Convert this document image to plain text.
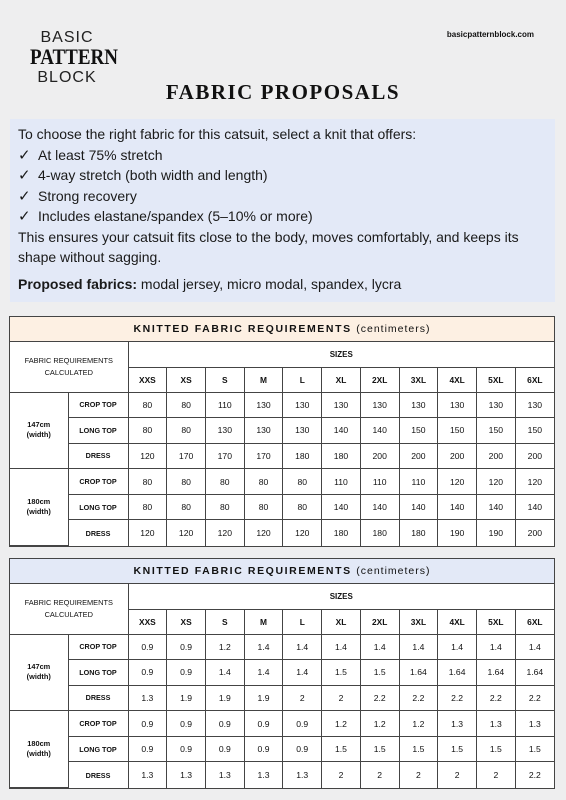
BASIC
PATTERN
BLOCK
basicpatternblock.com
FABRIC PROPOSALS
To choose the right fabric for this catsuit, select a knit that offers:
✓ At least 75% stretch
✓ 4-way stretch (both width and length)
✓ Strong recovery
✓ Includes elastane/spandex (5–10% or more)
This ensures your catsuit fits close to the body, moves comfortably, and keeps its shape without sagging.
Proposed fabrics: modal jersey, micro modal, spandex, lycra
KNITTED FABRIC REQUIREMENTS (centimeters)
FABRIC REQUIREMENTS CALCULATED		SIZES										
		XXS	XS	S	M	L	XL	2XL	3XL	4XL	5XL	6XL
147cm
(width)	CROP TOP	80	80	110	130	130	130	130	130	130	130	130
	LONG TOP	80	80	130	130	130	140	140	150	150	150	150
	DRESS	120	170	170	170	180	180	200	200	200	200	200
180cm
(width)	CROP TOP	80	80	80	80	80	110	110	110	120	120	120
	LONG TOP	80	80	80	80	80	140	140	140	140	140	140
	DRESS	120	120	120	120	120	180	180	180	190	190	200
KNITTED FABRIC REQUIREMENTS (centimeters)
FABRIC REQUIREMENTS CALCULATED		SIZES										
		XXS	XS	S	M	L	XL	2XL	3XL	4XL	5XL	6XL
147cm
(width)	CROP TOP	0.9	0.9	1.2	1.4	1.4	1.4	1.4	1.4	1.4	1.4	1.4
	LONG TOP	0.9	0.9	1.4	1.4	1.4	1.5	1.5	1.64	1.64	1.64	1.64
	DRESS	1.3	1.9	1.9	1.9	2	2	2.2	2.2	2.2	2.2	2.2
180cm
(width)	CROP TOP	0.9	0.9	0.9	0.9	0.9	1.2	1.2	1.2	1.3	1.3	1.3
	LONG TOP	0.9	0.9	0.9	0.9	0.9	1.5	1.5	1.5	1.5	1.5	1.5
	DRESS	1.3	1.3	1.3	1.3	1.3	2	2	2	2	2	2.2
